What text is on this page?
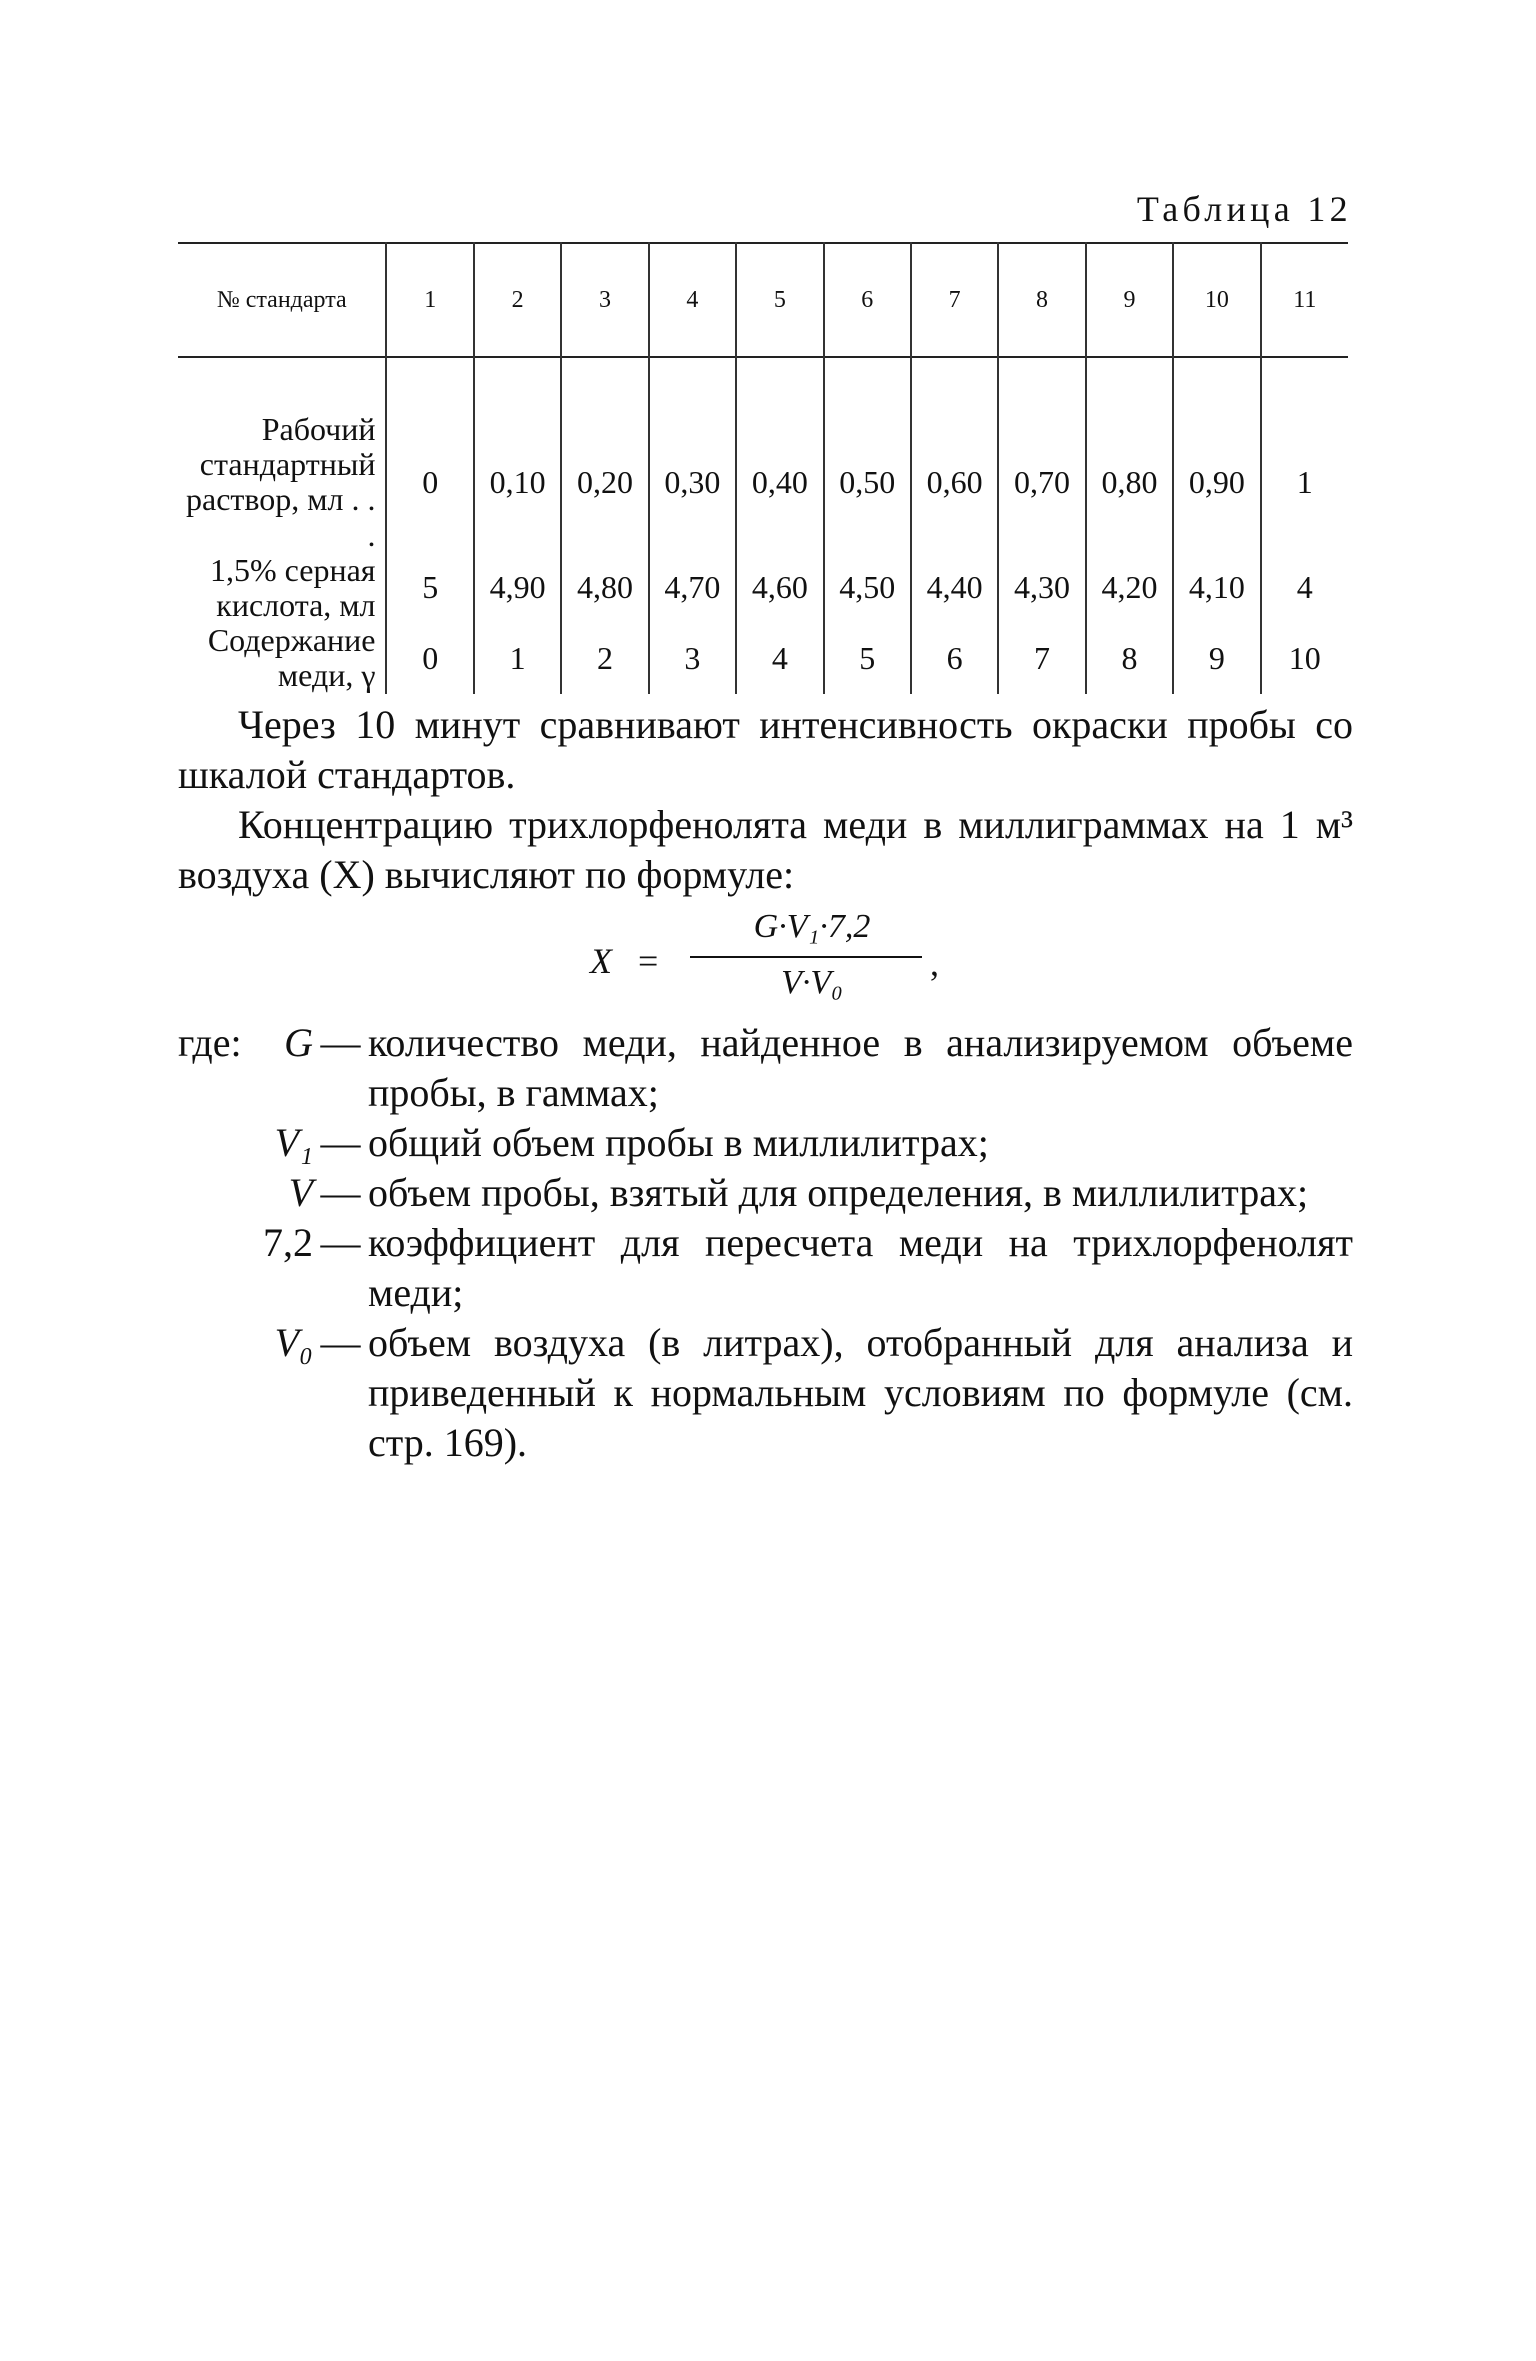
Таблица 12
№ стандарта	1	2	3	4	5	6	7	8	9	10	11
Рабочий стандартный раствор, мл . . .	0	0,10	0,20	0,30	0,40	0,50	0,60	0,70	0,80	0,90	1
1,5% серная кислота, мл	5	4,90	4,80	4,70	4,60	4,50	4,40	4,30	4,20	4,10	4
Содержание меди, γ	0	1	2	3	4	5	6	7	8	9	10

Через 10 минут сравнивают интенсивность окраски пробы со шкалой стандартов.

Концентрацию трихлорфенолята меди в миллиграммах на 1 м³ воздуха (X) вычисляют по формуле:

X =
G·V₁·7,2
V·V₀	,
где:	G — количество меди, найденное в анализируемом объеме пробы, в гаммах;
V₁ — общий объем пробы в миллилитрах;
V — объем пробы, взятый для определения, в миллилитрах;
7,2 — коэффициент для пересчета меди на трихлорфенолят меди;
V₀ — объем воздуха (в литрах), отобранный для анализа и приведенный к нормальным условиям по формуле (см. стр. 169).
